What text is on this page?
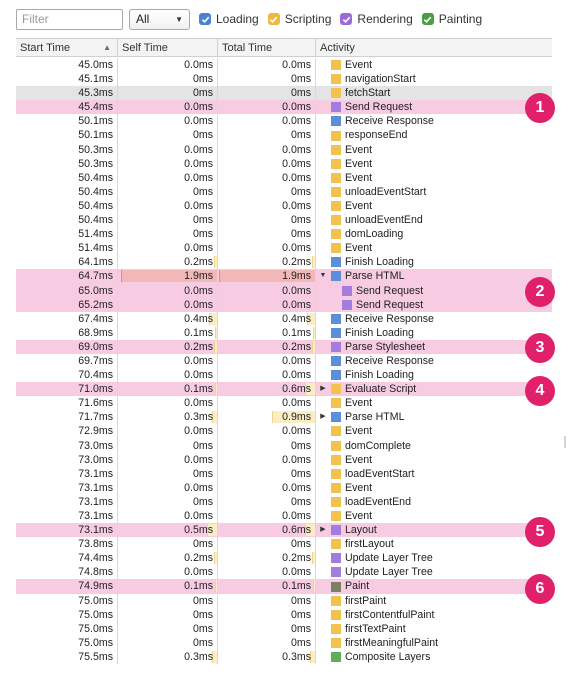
Filter
All	▼	Loading Scripting Rendering Painting
Start Time	▲	Self Time	Total Time	Activity
45.0ms	0.0ms	0.0ms	Event
45.1ms	0ms	0ms	navigationStart
45.3ms	0ms	0ms	fetchStart
45.4ms	0.0ms	0.0ms	Send Request
50.1ms	0.0ms	0.0ms	Receive Response
50.1ms	0ms	0ms	responseEnd
50.3ms	0.0ms	0.0ms	Event
50.3ms	0.0ms	0.0ms	Event
50.4ms	0.0ms	0.0ms	Event
50.4ms	0ms	0ms	unloadEventStart
50.4ms	0.0ms	0.0ms	Event
50.4ms	0ms	0ms	unloadEventEnd
51.4ms	0ms	0ms	domLoading
51.4ms	0.0ms	0.0ms	Event
64.1ms	0.2ms	0.2ms	Finish Loading
64.7ms	1.9ms	1.9ms	▼ Parse HTML
65.0ms	0.0ms	0.0ms	Send Request
65.2ms	0.0ms	0.0ms	Send Request
67.4ms	0.4ms	0.4ms	Receive Response
68.9ms	0.1ms	0.1ms	Finish Loading
69.0ms	0.2ms	0.2ms	Parse Stylesheet
69.7ms	0.0ms	0.0ms	Receive Response
70.4ms	0.0ms	0.0ms	Finish Loading
71.0ms	0.1ms	0.6ms	▶ Evaluate Script
71.6ms	0.0ms	0.0ms	Event
71.7ms	0.3ms	0.9ms	▶ Parse HTML
72.9ms	0.0ms	0.0ms	Event
73.0ms	0ms	0ms	domComplete
73.0ms	0.0ms	0.0ms	Event
73.1ms	0ms	0ms	loadEventStart
73.1ms	0.0ms	0.0ms	Event
73.1ms	0ms	0ms	loadEventEnd
73.1ms	0.0ms	0.0ms	Event
73.1ms	0.5ms	0.6ms	▶ Layout
73.8ms	0ms	0ms	firstLayout
74.4ms	0.2ms	0.2ms	Update Layer Tree
74.8ms	0.0ms	0.0ms	Update Layer Tree
74.9ms	0.1ms	0.1ms	Paint
75.0ms	0ms	0ms	firstPaint
75.0ms	0ms	0ms	firstContentfulPaint
75.0ms	0ms	0ms	firstTextPaint
75.0ms	0ms	0ms	firstMeaningfulPaint
75.5ms	0.3ms	0.3ms	Composite Layers
1
2
3
4
5
6
